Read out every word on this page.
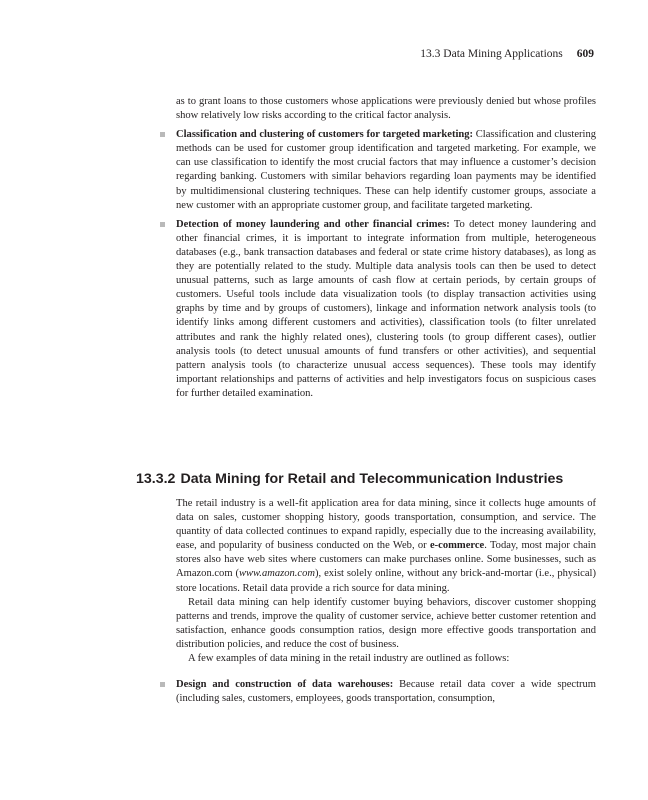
13.3 Data Mining Applications 609

as to grant loans to those customers whose applications were previously denied but whose profiles show relatively low risks according to the critical factor analysis.

Classification and clustering of customers for targeted marketing: Classification and clustering methods can be used for customer group identification and targeted marketing. For example, we can use classification to identify the most crucial factors that may influence a customer’s decision regarding banking. Customers with similar behaviors regarding loan payments may be identified by multidimensional clustering techniques. These can help identify customer groups, associate a new customer with an appropriate customer group, and facilitate targeted marketing.
Detection of money laundering and other financial crimes: To detect money laundering and other financial crimes, it is important to integrate information from multiple, heterogeneous databases (e.g., bank transaction databases and federal or state crime history databases), as long as they are potentially related to the study. Multiple data analysis tools can then be used to detect unusual patterns, such as large amounts of cash flow at certain periods, by certain groups of customers. Useful tools include data visualization tools (to display transaction activities using graphs by time and by groups of customers), linkage and information network analysis tools (to identify links among different customers and activities), classification tools (to filter unrelated attributes and rank the highly related ones), clustering tools (to group different cases), outlier analysis tools (to detect unusual amounts of fund transfers or other activities), and sequential pattern analysis tools (to characterize unusual access sequences). These tools may identify important relationships and patterns of activities and help investigators focus on suspicious cases for further detailed examination.
13.3.2 Data Mining for Retail and Telecommunication Industries

The retail industry is a well-fit application area for data mining, since it collects huge amounts of data on sales, customer shopping history, goods transportation, consumption, and service. The quantity of data collected continues to expand rapidly, especially due to the increasing availability, ease, and popularity of business conducted on the Web, or e-commerce. Today, most major chain stores also have web sites where customers can make purchases online. Some businesses, such as Amazon.com (www.amazon.com), exist solely online, without any brick-and-mortar (i.e., physical) store locations. Retail data provide a rich source for data mining.

Retail data mining can help identify customer buying behaviors, discover customer shopping patterns and trends, improve the quality of customer service, achieve better customer retention and satisfaction, enhance goods consumption ratios, design more effective goods transportation and distribution policies, and reduce the cost of business.

A few examples of data mining in the retail industry are outlined as follows:

Design and construction of data warehouses: Because retail data cover a wide spectrum (including sales, customers, employees, goods transportation, consumption,
